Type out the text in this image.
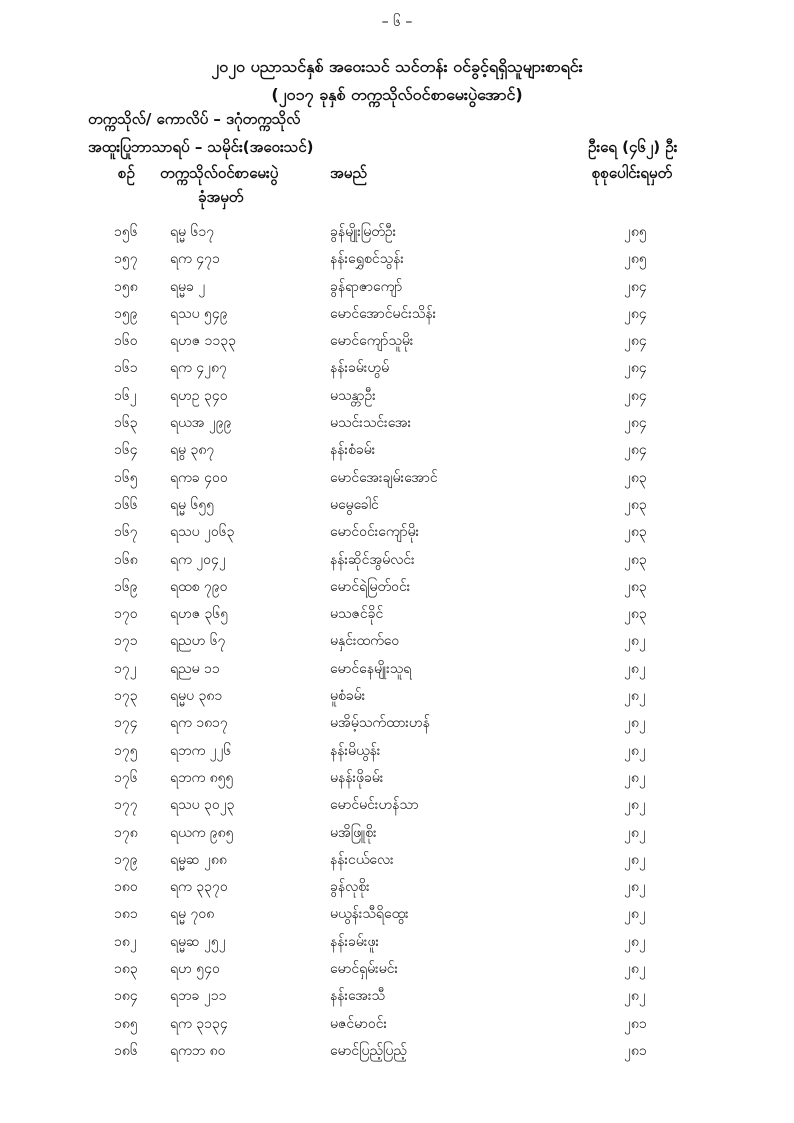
– ၆ –
၂၀၂၀ ပညာသင်နှစ် အဝေးသင် သင်တန်း ဝင်ခွင့်ရရှိသူများစာရင်း
(၂၀၁၇ ခုနှစ် တက္ကသိုလ်ဝင်စာမေးပွဲအောင်)
တက္ကသိုလ်/ ကောလိပ် – ဒဂုံတက္ကသိုလ်
အထူးပြုဘာသာရပ် – သမိုင်း(အဝေးသင်)	ဦးရေ (၄၆၂) ဦး
စဉ် တက္ကသိုလ်ဝင်စာမေးပွဲ
ခုံအမှတ်
အမည်	စုစုပေါင်းရမှတ်
၁၅၆ ရမ္မ ၆၁၇	ခွန်မျိုးမြတ်ဦး	၂၈၅
၁၅၇ ရက ၄၇၁	နန်းရွှေစင်သွန်း	၂၈၅
၁၅၈ ရမ္မခ ၂	ခွန်ရာဇာကျော်	၂၈၄
၁၅၉ ရသပ ၅၄၉	မောင်အောင်မင်းသိန်း	၂၈၄
၁၆၀ ရဟဇ ၁၁၃၃	မောင်ကျော်သူမိုး	၂၈၄
၁၆၁ ရက ၄၂၈၇	နန်းခမ်းဟွမ်	၂၈၄
၁၆၂ ရဟဥ ၃၄၀	မသန္တာဦး	၂၈၄
၁၆၃ ရယအ ၂၉၉	မသင်းသင်းအေး	၂၈၄
၁၆၄ ရမွ ၃၈၇	နန်းစံခမ်း	၂၈၄
၁၆၅ ရကခ ၄၀၀	မောင်အေးချမ်းအောင်	၂၈၃
၁၆၆ ရမ္မ ၆၅၅	မမွေခေါင်	၂၈၃
၁၆၇ ရသပ ၂၀၆၃	မောင်ဝင်းကျော်မိုး	၂၈၃
၁၆၈ ရက ၂၀၄၂	နန်းဆိုင်အွမ်လင်း	၂၈၃
၁၆၉ ရထစ ၇၉၀	မောင်ရဲမြတ်ဝင်း	၂၈၃
၁၇၀ ရဟဇ ၃၆၅	မသဇင်ခိုင်	၂၈၃
၁၇၁ ရညဟ ၆၇	မနှင်းထက်ဝေ	၂၈၂
၁၇၂ ရညမ ၁၁	မောင်နေမျိုးသူရ	၂၈၂
၁၇၃ ရမ္မပ ၃၈၁	မူစံခမ်း	၂၈၂
၁၇၄ ရက ၁၈၁၇	မအိမ့်သက်ထားဟန်	၂၈၂
၁၇၅ ရဘက ၂၂၆	နန်းမိယွန်း	၂၈၂
၁၇၆ ရဘက ၈၅၅	မနန်းဖိုခမ်း	၂၈၂
၁၇၇ ရသပ ၃၀၂၃	မောင်မင်းဟန်သာ	၂၈၂
၁၇၈ ရယက ၉၈၅	မအိဖြူစိုး	၂၈၂
၁၇၉ ရမ္မဆ ၂၈၈	နန်းငယ်လေး	၂၈၂
၁၈၀ ရက ၃၃၇၀	ခွန်လုစိုး	၂၈၂
၁၈၁ ရမ္မ ၇၀၈	မယွန်းသီရိထွေး	၂၈၂
၁၈၂ ရမ္မဆ ၂၅၂	နန်းခမ်းဖူး	၂၈၂
၁၈၃ ရဟ ၅၄၀	မောင်ရှမ်းမင်း	၂၈၂
၁၈၄ ရဘခ ၂၁၁	နန်းအေးသီ	၂၈၂
၁၈၅ ရက ၃၁၃၄	မဇင်မာဝင်း	၂၈၁
၁၈၆ ရကဘ ၈၀	မောင်ပြည့်ပြည့်	၂၈၁
